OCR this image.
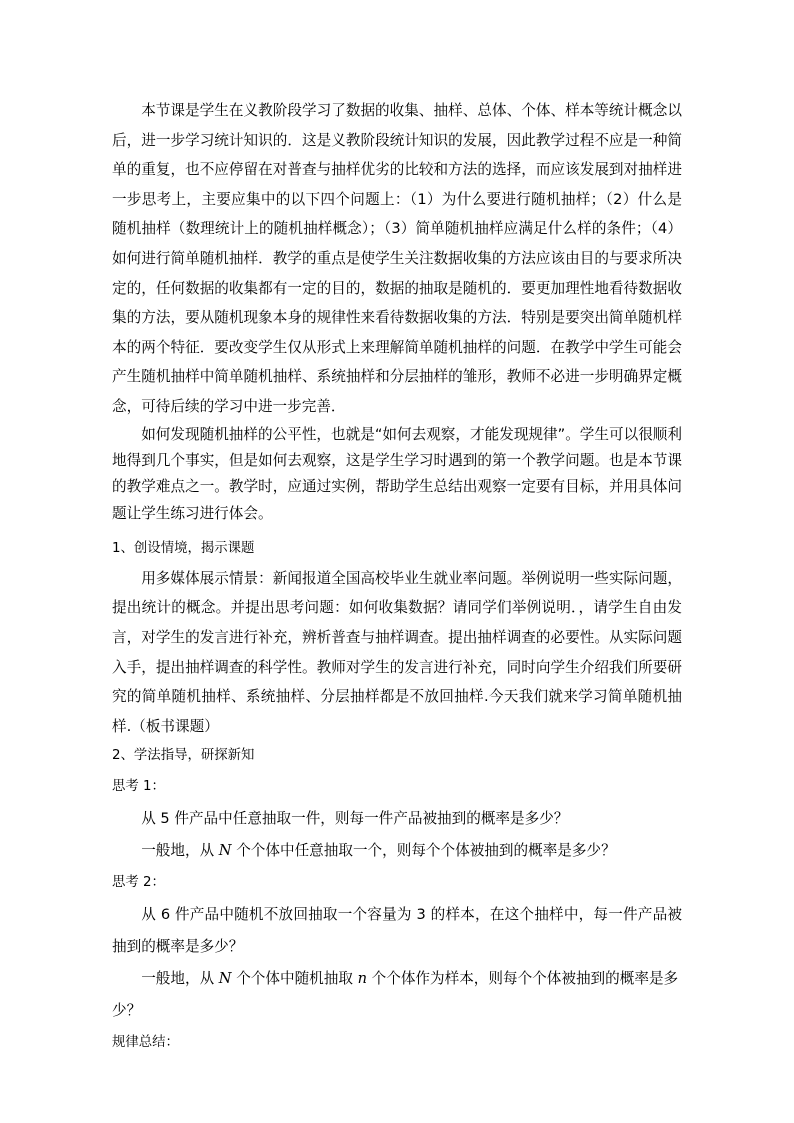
本节课是学生在义教阶段学习了数据的收集、抽样、总体、个体、样本等统计概念以后，进一步学习统计知识的．这是义教阶段统计知识的发展，因此教学过程不应是一种简单的重复，也不应停留在对普查与抽样优劣的比较和方法的选择，而应该发展到对抽样进一步思考上，主要应集中的以下四个问题上：（1）为什么要进行随机抽样；（2）什么是随机抽样（数理统计上的随机抽样概念）；（3）简单随机抽样应满足什么样的条件；（4）如何进行简单随机抽样．教学的重点是使学生关注数据收集的方法应该由目的与要求所决定的，任何数据的收集都有一定的目的，数据的抽取是随机的．要更加理性地看待数据收集的方法，要从随机现象本身的规律性来看待数据收集的方法．特别是要突出简单随机样本的两个特征．要改变学生仅从形式上来理解简单随机抽样的问题．在教学中学生可能会产生随机抽样中简单随机抽样、系统抽样和分层抽样的雏形，教师不必进一步明确界定概念，可待后续的学习中进一步完善．

如何发现随机抽样的公平性，也就是“如何去观察，才能发现规律”。学生可以很顺利地得到几个事实，但是如何去观察，这是学生学习时遇到的第一个教学问题。也是本节课的教学难点之一。教学时，应通过实例，帮助学生总结出观察一定要有目标，并用具体问题让学生练习进行体会。

1、创设情境，揭示课题

用多媒体展示情景：新闻报道全国高校毕业生就业率问题。举例说明一些实际问题，提出统计的概念。并提出思考问题：如何收集数据？请同学们举例说明．，请学生自由发言，对学生的发言进行补充，辨析普查与抽样调查。提出抽样调查的必要性。从实际问题入手，提出抽样调查的科学性。教师对学生的发言进行补充，同时向学生介绍我们所要研究的简单随机抽样、系统抽样、分层抽样都是不放回抽样.今天我们就来学习简单随机抽样.（板书课题）

2、学法指导，研探新知

思考 1：

从 5 件产品中任意抽取一件，则每一件产品被抽到的概率是多少？

一般地，从 N 个个体中任意抽取一个，则每个个体被抽到的概率是多少？

思考 2：

从 6 件产品中随机不放回抽取一个容量为 3 的样本，在这个抽样中，每一件产品被抽到的概率是多少？

一般地，从 N 个个体中随机抽取 n 个个体作为样本，则每个个体被抽到的概率是多少？

规律总结：
